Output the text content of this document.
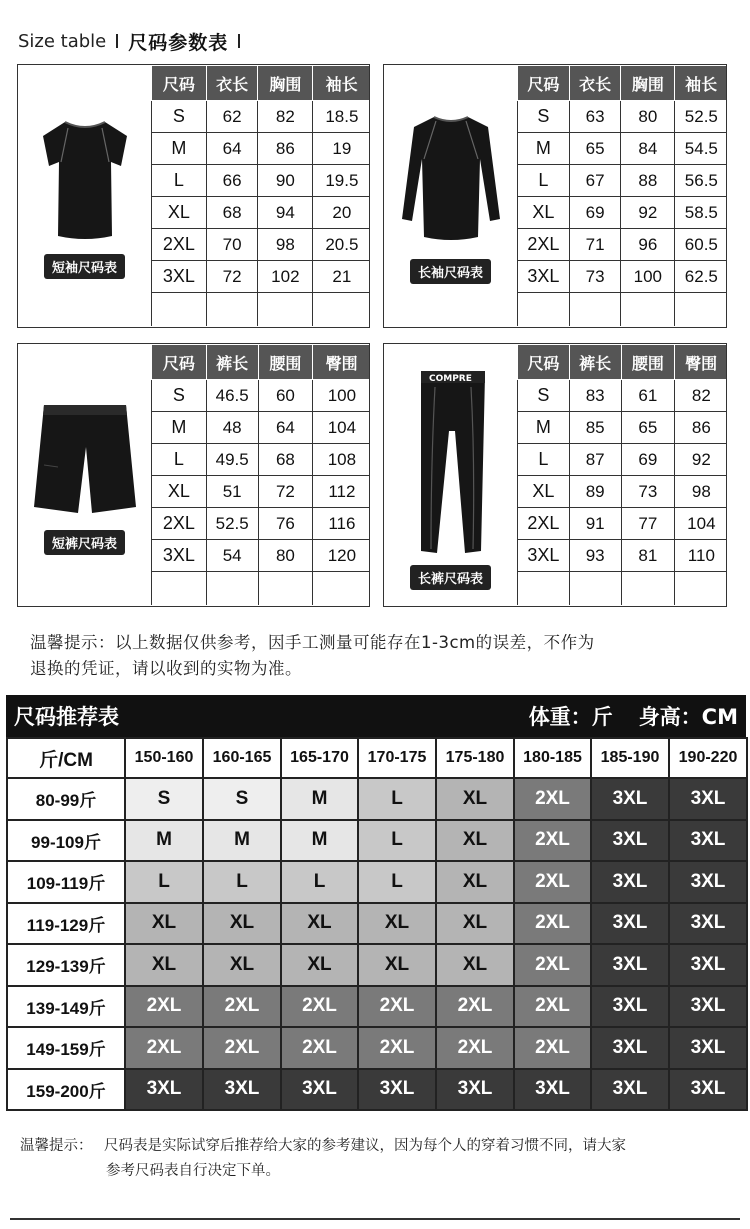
Size table 尺码参数表
短袖尺码表
尺码	衣长	胸围	袖长
S	62	82	18.5
M	64	86	19
L	66	90	19.5
XL	68	94	20
2XL	70	98	20.5
3XL	72	102	21
				长袖尺码表
尺码	衣长	胸围	袖长
S	63	80	52.5
M	65	84	54.5
L	67	88	56.5
XL	69	92	58.5
2XL	71	96	60.5
3XL	73	100	62.5

短裤尺码表
尺码	裤长	腰围	臀围
S	46.5	60	100
M	48	64	104
L	49.5	68	108
XL	51	72	112
2XL	52.5	76	116
3XL	54	80	120

COMPRE
长裤尺码表
尺码	裤长	腰围	臀围
S	83	61	82
M	85	65	86
L	87	69	92
XL	89	73	98
2XL	91	77	104
3XL	93	81	110

温馨提示：以上数据仅供参考，因手工测量可能存在1-3cm的误差，不作为
退换的凭证，请以收到的实物为准。
尺码推荐表	体重：斤 身高：CM
斤/CM	150-160	160-165	165-170	170-175	175-180	180-185	185-190	190-220
80-99斤	S	S	M	L	XL	2XL	3XL	3XL
99-109斤	M	M	M	L	XL	2XL	3XL	3XL
109-119斤	L	L	L	L	XL	2XL	3XL	3XL
119-129斤	XL	XL	XL	XL	XL	2XL	3XL	3XL
129-139斤	XL	XL	XL	XL	XL	2XL	3XL	3XL
139-149斤	2XL	2XL	2XL	2XL	2XL	2XL	3XL	3XL
149-159斤	2XL	2XL	2XL	2XL	2XL	2XL	3XL	3XL
159-200斤	3XL	3XL	3XL	3XL	3XL	3XL	3XL	3XL
温馨提示： 尺码表是实际试穿后推荐给大家的参考建议，因为每个人的穿着习惯不同，请大家
参考尺码表自行决定下单。
